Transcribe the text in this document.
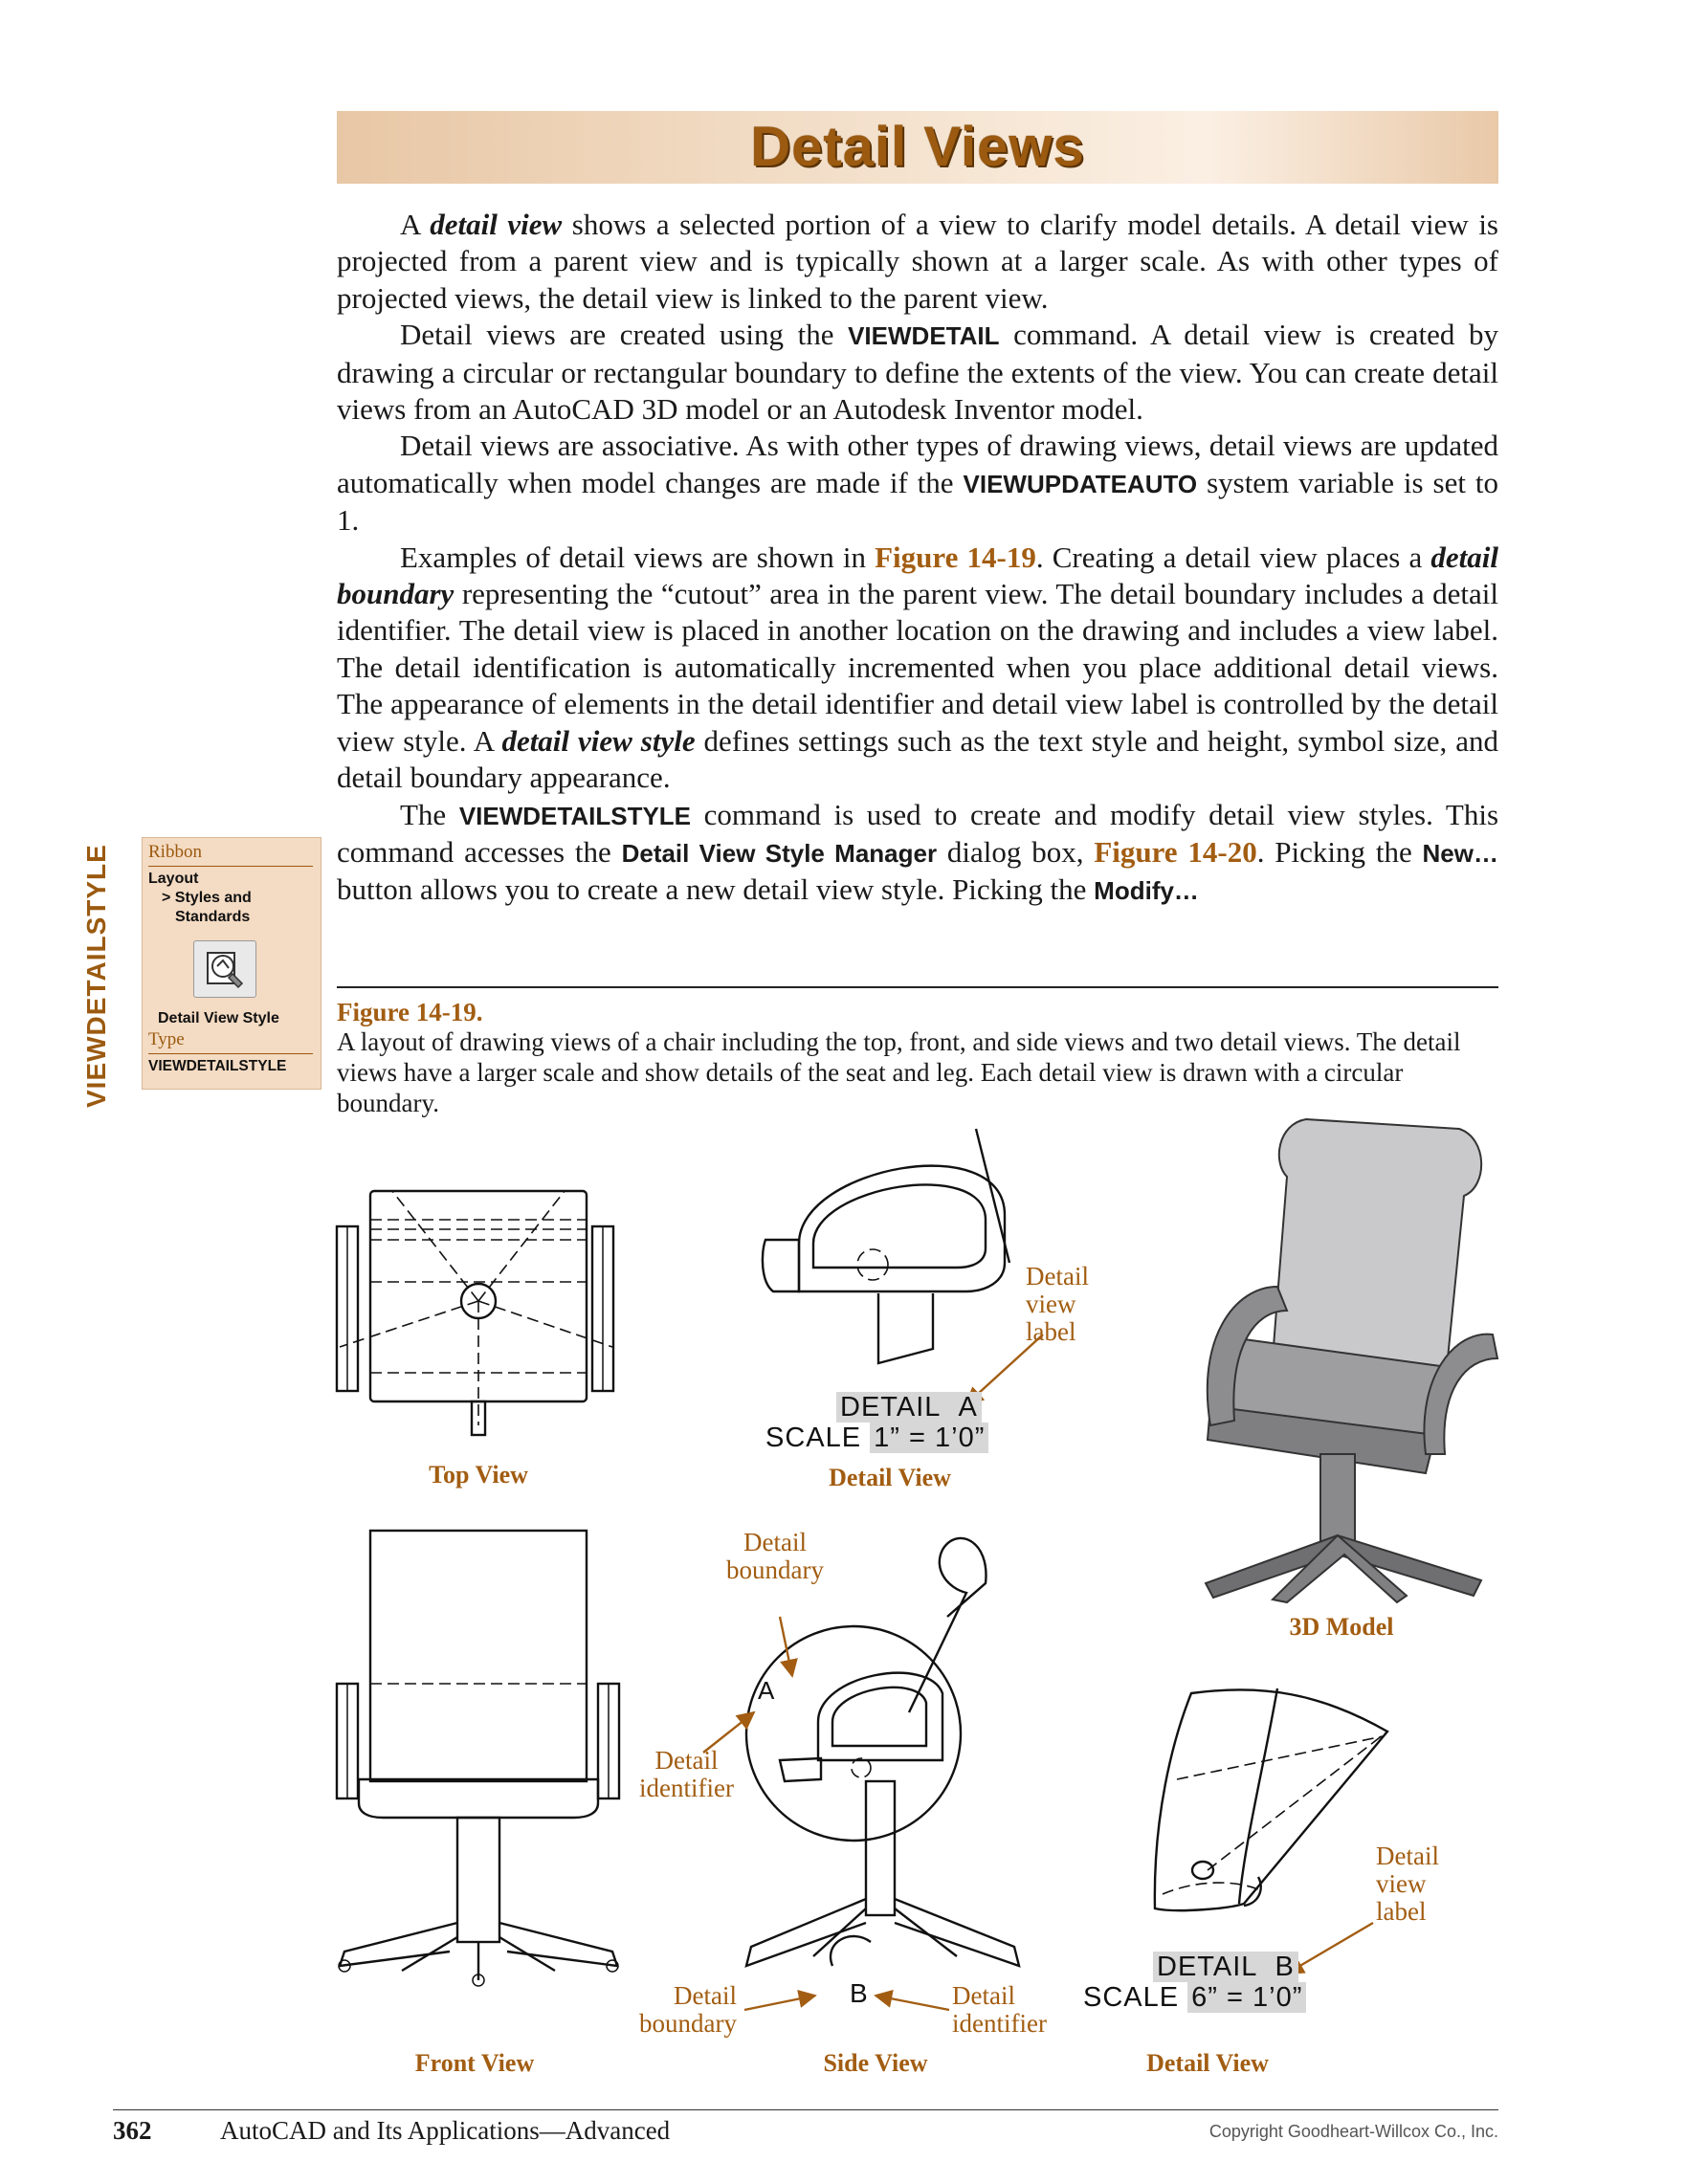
Detail Views

A detail view shows a selected portion of a view to clarify model details. A detail view is projected from a parent view and is typically shown at a larger scale. As with other types of projected views, the detail view is linked to the parent view.

Detail views are created using the VIEWDETAIL command. A detail view is created by drawing a circular or rectangular boundary to define the extents of the view. You can create detail views from an AutoCAD 3D model or an Autodesk Inventor model.

Detail views are associative. As with other types of drawing views, detail views are updated automatically when model changes are made if the VIEWUPDATEAUTO system variable is set to 1.

Examples of detail views are shown in Figure 14-19. Creating a detail view places a detail boundary representing the “cutout” area in the parent view. The detail boundary includes a detail identifier. The detail view is placed in another location on the drawing and includes a view label. The detail identification is automatically incremented when you place additional detail views. The appearance of elements in the detail identifier and detail view label is controlled by the detail view style. A detail view style defines settings such as the text style and height, symbol size, and detail boundary appearance.

The VIEWDETAILSTYLE command is used to create and modify detail view styles. This command accesses the Detail View Style Manager dialog box, Figure 14-20. Picking the New… button allows you to create a new detail view style. Picking the Modify…

VIEWDETAILSTYLE Ribbon
Layout
> Styles and
Standards
Detail View Style
Type
VIEWDETAILSTYLE
Figure 14-19.
A layout of drawing views of a chair including the top, front, and side views and two detail views. The detail views have a larger scale and show details of the seat and leg. Each detail view is drawn with a circular boundary.
A
B
DETAIL A
SCALE 1” = 1’0”
DETAIL B
SCALE 6” = 1’0”
Detail
view
label
Detail
boundary
Detail
identifier
Detail
view
label
Detail
boundary
Detail
identifier
Top View	Detail View
3D Model
Front View	Side View	Detail View
362	AutoCAD and Its Applications—Advanced	Copyright Goodheart-Willcox Co., Inc.
